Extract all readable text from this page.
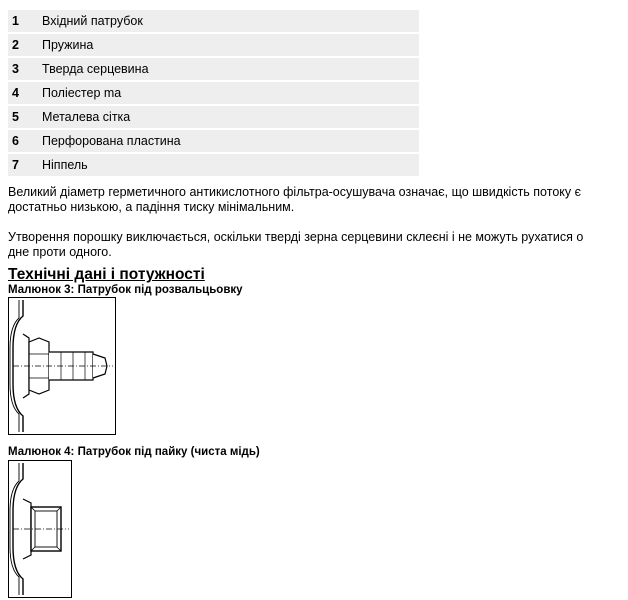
1	Вхідний патрубок
2	Пружина
3	Тверда серцевина
4	Поліестер ma
5	Металева сітка
6	Перфорована пластина
7	Ніппель

Великий діаметр герметичного антикислотного фільтра-осушувача означає, що швидкість потоку є достатньо низькою, а падіння тиску мінімальним.

Утворення порошку виключається, оскільки тверді зерна серцевини склеєні і не можуть рухатися о дне проти одного.

Технічні дані і потужності

Малюнок 3: Патрубок під розвальцьовку

Малюнок 4: Патрубок під пайку (чиста мідь)
